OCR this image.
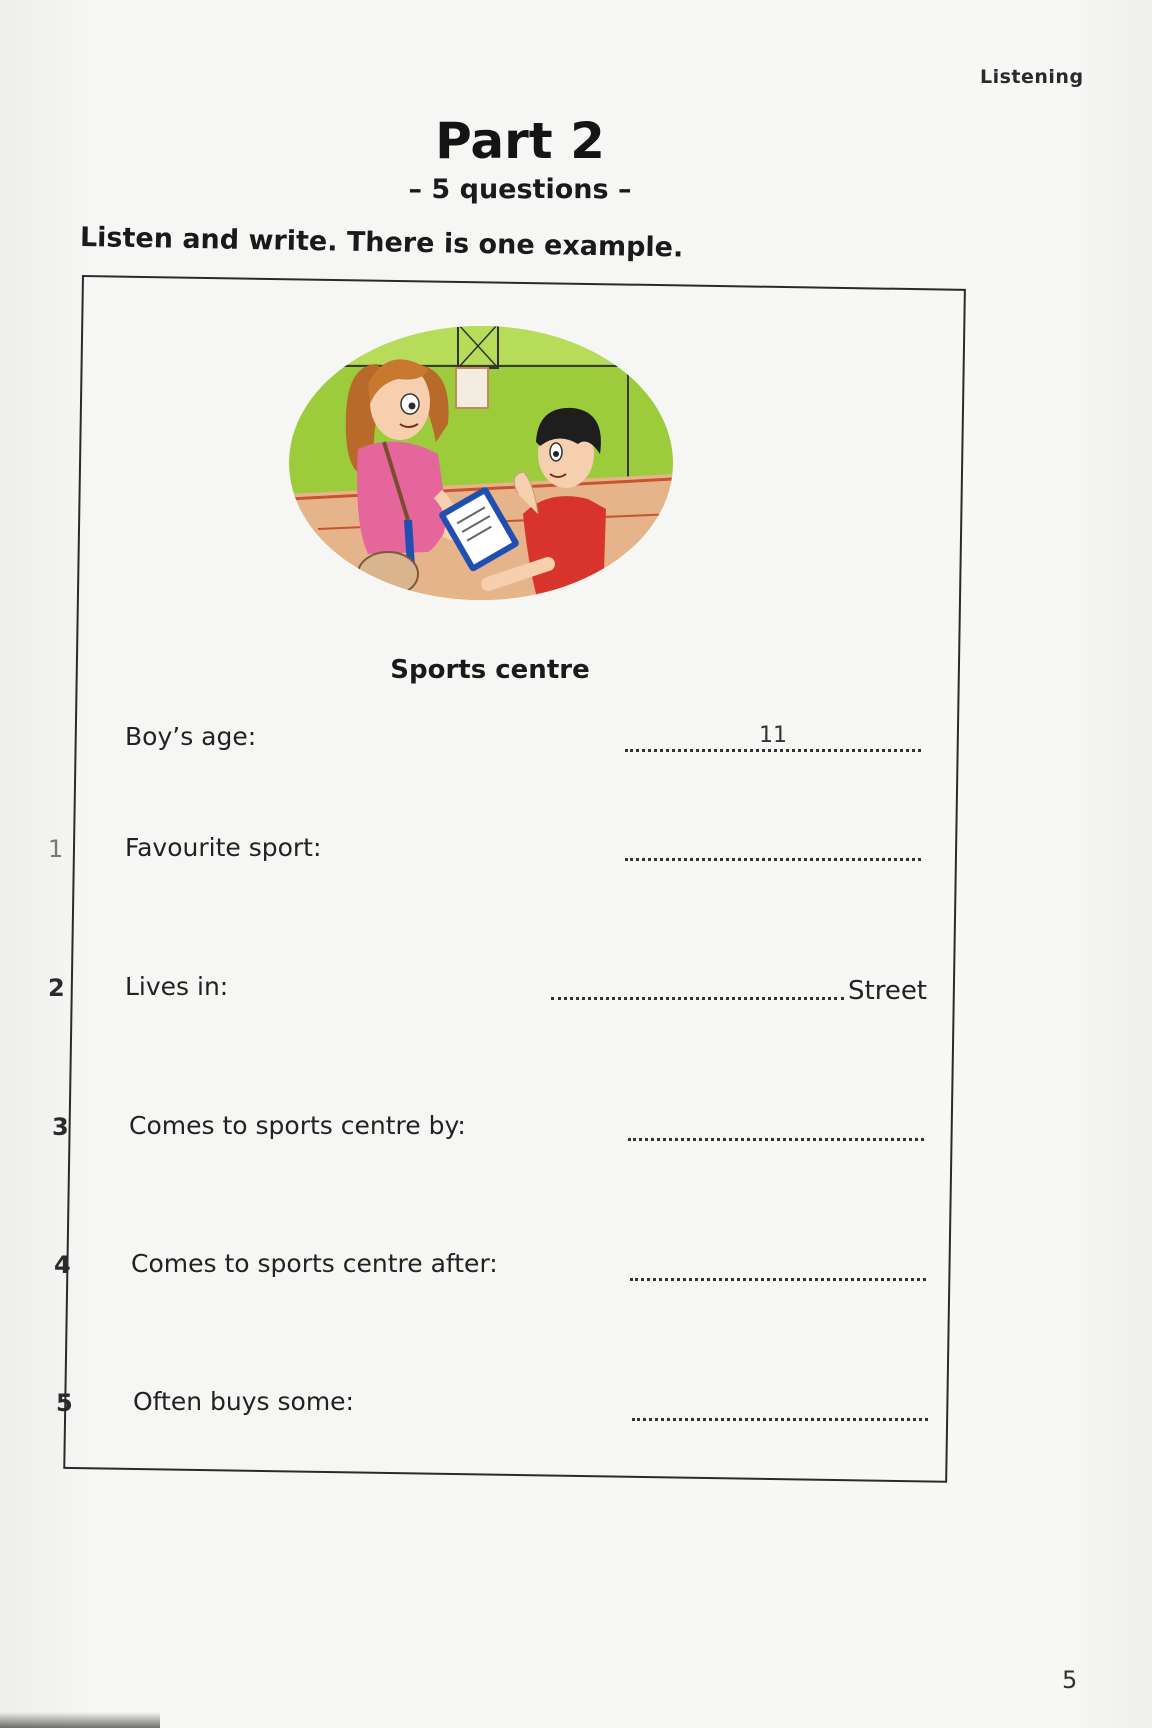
Listening
Part 2
– 5 questions –
Listen and write. There is one example.
Sports centre
Boy’s age:	11
1 Favourite sport:
2 Lives in:	Street
3 Comes to sports centre by:
4 Comes to sports centre after:
5 Often buys some:
5
